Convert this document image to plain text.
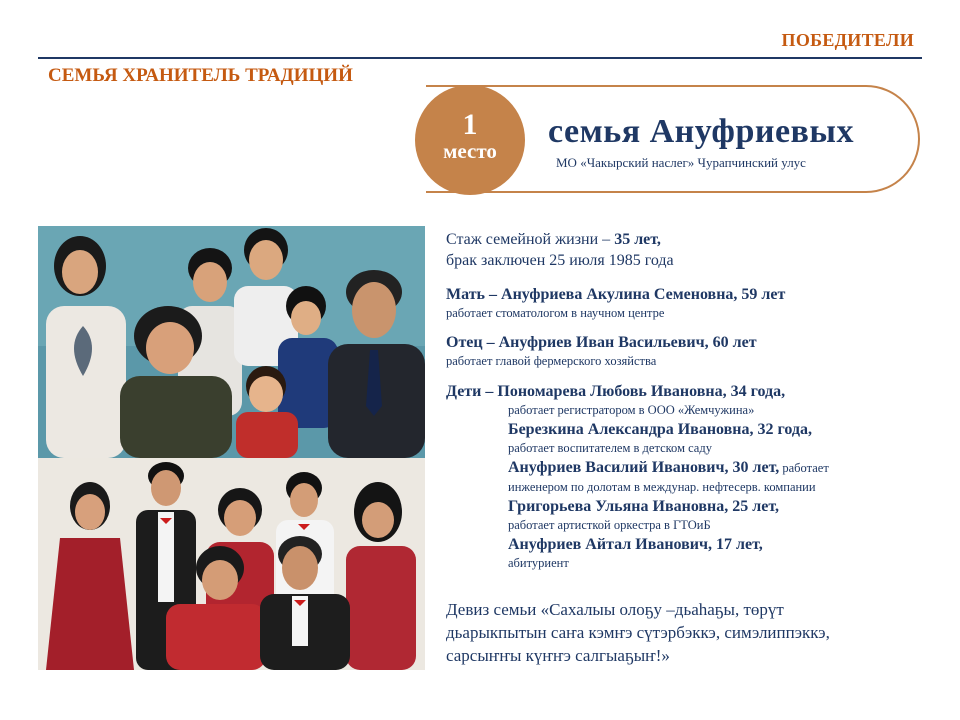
ПОБЕДИТЕЛИ
СЕМЬЯ ХРАНИТЕЛЬ ТРАДИЦИЙ
1
место
семья Ануфриевых
МО «Чакырский наслег» Чурапчинский улус
Стаж семейной жизни – 35 лет,
брак заключен 25 июля 1985 года
Мать – Ануфриева Акулина Семеновна, 59 лет
работает стоматологом в научном центре
Отец – Ануфриев Иван Васильевич, 60 лет
работает главой фермерского хозяйства
Дети – Пономарева Любовь Ивановна, 34 года,
работает регистратором в ООО «Жемчужина»
Березкина Александра Ивановна, 32 года,
работает воспитателем в детском саду
Ануфриев Василий Иванович, 30 лет, работает
инженером по долотам в междунар. нефтесерв. компании
Григорьева Ульяна Ивановна, 25 лет,
работает артисткой оркестра в ГТОиБ
Ануфриев Айтал Иванович, 17 лет,
абитуриент
Девиз семьи «Сахалыы олоҕу –дьаhаҕы, төрүт
дьарыкпытын саҥа кэмҥэ сүтэрбэккэ, симэлиппэккэ,
сарсыҥҥы күҥҥэ салгыаҕыҥ!»
